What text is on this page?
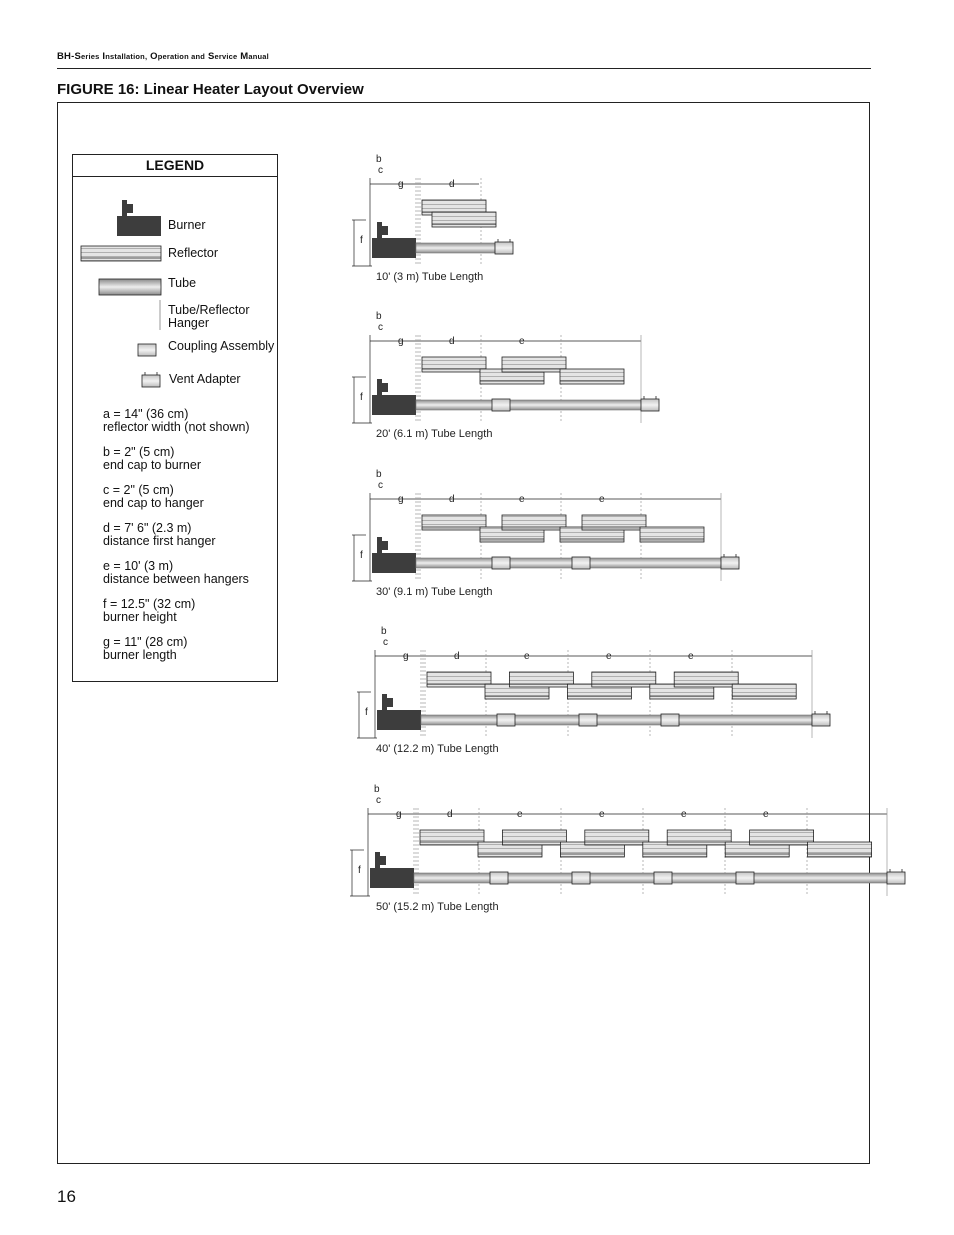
BH-Series Installation, Operation and Service Manual
FIGURE 16: Linear Heater Layout Overview
LEGEND
Burner
Reflector
Tube
Tube/Reflector
Hanger
Coupling Assembly
Vent Adapter
a = 14" (36 cm)
reflector width (not shown)
b = 2" (5 cm)
end cap to burner
c = 2" (5 cm)
end cap to hanger
d = 7' 6" (2.3 m)
distance first hanger
e = 10' (3 m)
distance between hangers
f = 12.5" (32 cm)
burner height
g = 11" (28 cm)
burner length
b
c
g	d
f
10' (3 m) Tube Length
b
c
g	d	e
f
20' (6.1 m) Tube Length
b
c
g	d	e	e
f
30' (9.1 m) Tube Length
b
c
g	d	e	e	e
f
40' (12.2 m) Tube Length
b
c
g	d	e	e	e	e
f
50' (15.2 m) Tube Length
16
